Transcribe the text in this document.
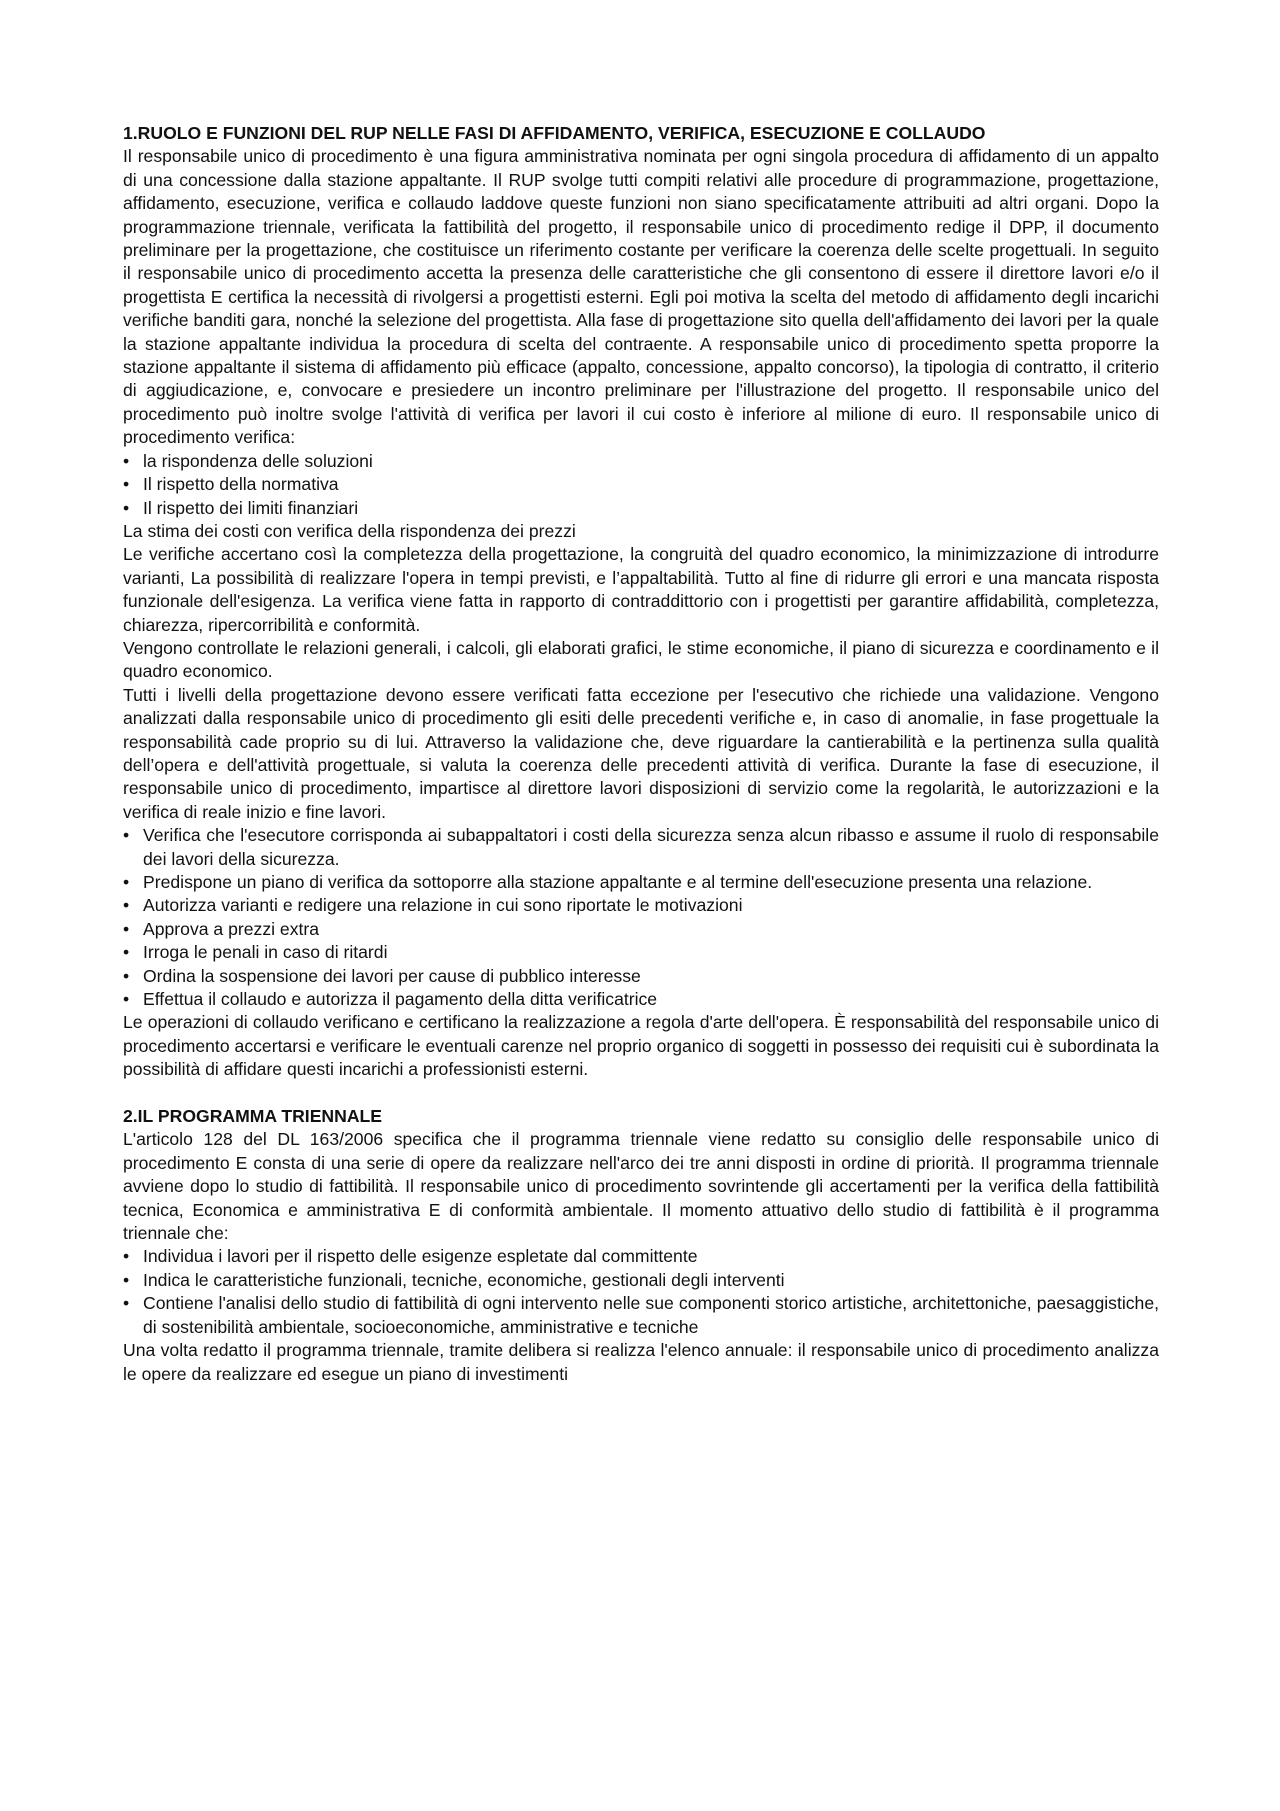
1.RUOLO E FUNZIONI DEL RUP NELLE FASI DI AFFIDAMENTO, VERIFICA, ESECUZIONE E COLLAUDO

Il responsabile unico di procedimento è una figura amministrativa nominata per ogni singola procedura di affidamento di un appalto di una concessione dalla stazione appaltante. Il RUP svolge tutti compiti relativi alle procedure di programmazione, progettazione, affidamento, esecuzione, verifica e collaudo laddove queste funzioni non siano specificatamente attribuiti ad altri organi. Dopo la programmazione triennale, verificata la fattibilità del progetto, il responsabile unico di procedimento redige il DPP, il documento preliminare per la progettazione, che costituisce un riferimento costante per verificare la coerenza delle scelte progettuali. In seguito il responsabile unico di procedimento accetta la presenza delle caratteristiche che gli consentono di essere il direttore lavori e/o il progettista E certifica la necessità di rivolgersi a progettisti esterni. Egli poi motiva la scelta del metodo di affidamento degli incarichi verifiche banditi gara, nonché la selezione del progettista. Alla fase di progettazione sito quella dell'affidamento dei lavori per la quale la stazione appaltante individua la procedura di scelta del contraente. A responsabile unico di procedimento spetta proporre la stazione appaltante il sistema di affidamento più efficace (appalto, concessione, appalto concorso), la tipologia di contratto, il criterio di aggiudicazione, e, convocare e presiedere un incontro preliminare per l'illustrazione del progetto. Il responsabile unico del procedimento può inoltre svolge l'attività di verifica per lavori il cui costo è inferiore al milione di euro. Il responsabile unico di procedimento verifica:

• la rispondenza delle soluzioni
• Il rispetto della normativa
• Il rispetto dei limiti finanziari

La stima dei costi con verifica della rispondenza dei prezzi

Le verifiche accertano così la completezza della progettazione, la congruità del quadro economico, la minimizzazione di introdurre varianti, La possibilità di realizzare l'opera in tempi previsti, e l’appaltabilità. Tutto al fine di ridurre gli errori e una mancata risposta funzionale dell'esigenza. La verifica viene fatta in rapporto di contraddittorio con i progettisti per garantire affidabilità, completezza, chiarezza, ripercorribilità e conformità.

Vengono controllate le relazioni generali, i calcoli, gli elaborati grafici, le stime economiche, il piano di sicurezza e coordinamento e il quadro economico.

Tutti i livelli della progettazione devono essere verificati fatta eccezione per l'esecutivo che richiede una validazione. Vengono analizzati dalla responsabile unico di procedimento gli esiti delle precedenti verifiche e, in caso di anomalie, in fase progettuale la responsabilità cade proprio su di lui. Attraverso la validazione che, deve riguardare la cantierabilità e la pertinenza sulla qualità dell’opera e dell'attività progettuale, si valuta la coerenza delle precedenti attività di verifica. Durante la fase di esecuzione, il responsabile unico di procedimento, impartisce al direttore lavori disposizioni di servizio come la regolarità, le autorizzazioni e la verifica di reale inizio e fine lavori.

• Verifica che l'esecutore corrisponda ai subappaltatori i costi della sicurezza senza alcun ribasso e assume il ruolo di responsabile dei lavori della sicurezza.
• Predispone un piano di verifica da sottoporre alla stazione appaltante e al termine dell'esecuzione presenta una relazione.
• Autorizza varianti e redigere una relazione in cui sono riportate le motivazioni
• Approva a prezzi extra
• Irroga le penali in caso di ritardi
• Ordina la sospensione dei lavori per cause di pubblico interesse
• Effettua il collaudo e autorizza il pagamento della ditta verificatrice

Le operazioni di collaudo verificano e certificano la realizzazione a regola d'arte dell'opera. È responsabilità del responsabile unico di procedimento accertarsi e verificare le eventuali carenze nel proprio organico di soggetti in possesso dei requisiti cui è subordinata la possibilità di affidare questi incarichi a professionisti esterni.

2.IL PROGRAMMA TRIENNALE

L'articolo 128 del DL 163/2006 specifica che il programma triennale viene redatto su consiglio delle responsabile unico di procedimento E consta di una serie di opere da realizzare nell'arco dei tre anni disposti in ordine di priorità. Il programma triennale avviene dopo lo studio di fattibilità. Il responsabile unico di procedimento sovrintende gli accertamenti per la verifica della fattibilità tecnica, Economica e amministrativa E di conformità ambientale. Il momento attuativo dello studio di fattibilità è il programma triennale che:

• Individua i lavori per il rispetto delle esigenze espletate dal committente
• Indica le caratteristiche funzionali, tecniche, economiche, gestionali degli interventi
• Contiene l'analisi dello studio di fattibilità di ogni intervento nelle sue componenti storico artistiche, architettoniche, paesaggistiche, di sostenibilità ambientale, socioeconomiche, amministrative e tecniche

Una volta redatto il programma triennale, tramite delibera si realizza l'elenco annuale: il responsabile unico di procedimento analizza le opere da realizzare ed esegue un piano di investimenti
